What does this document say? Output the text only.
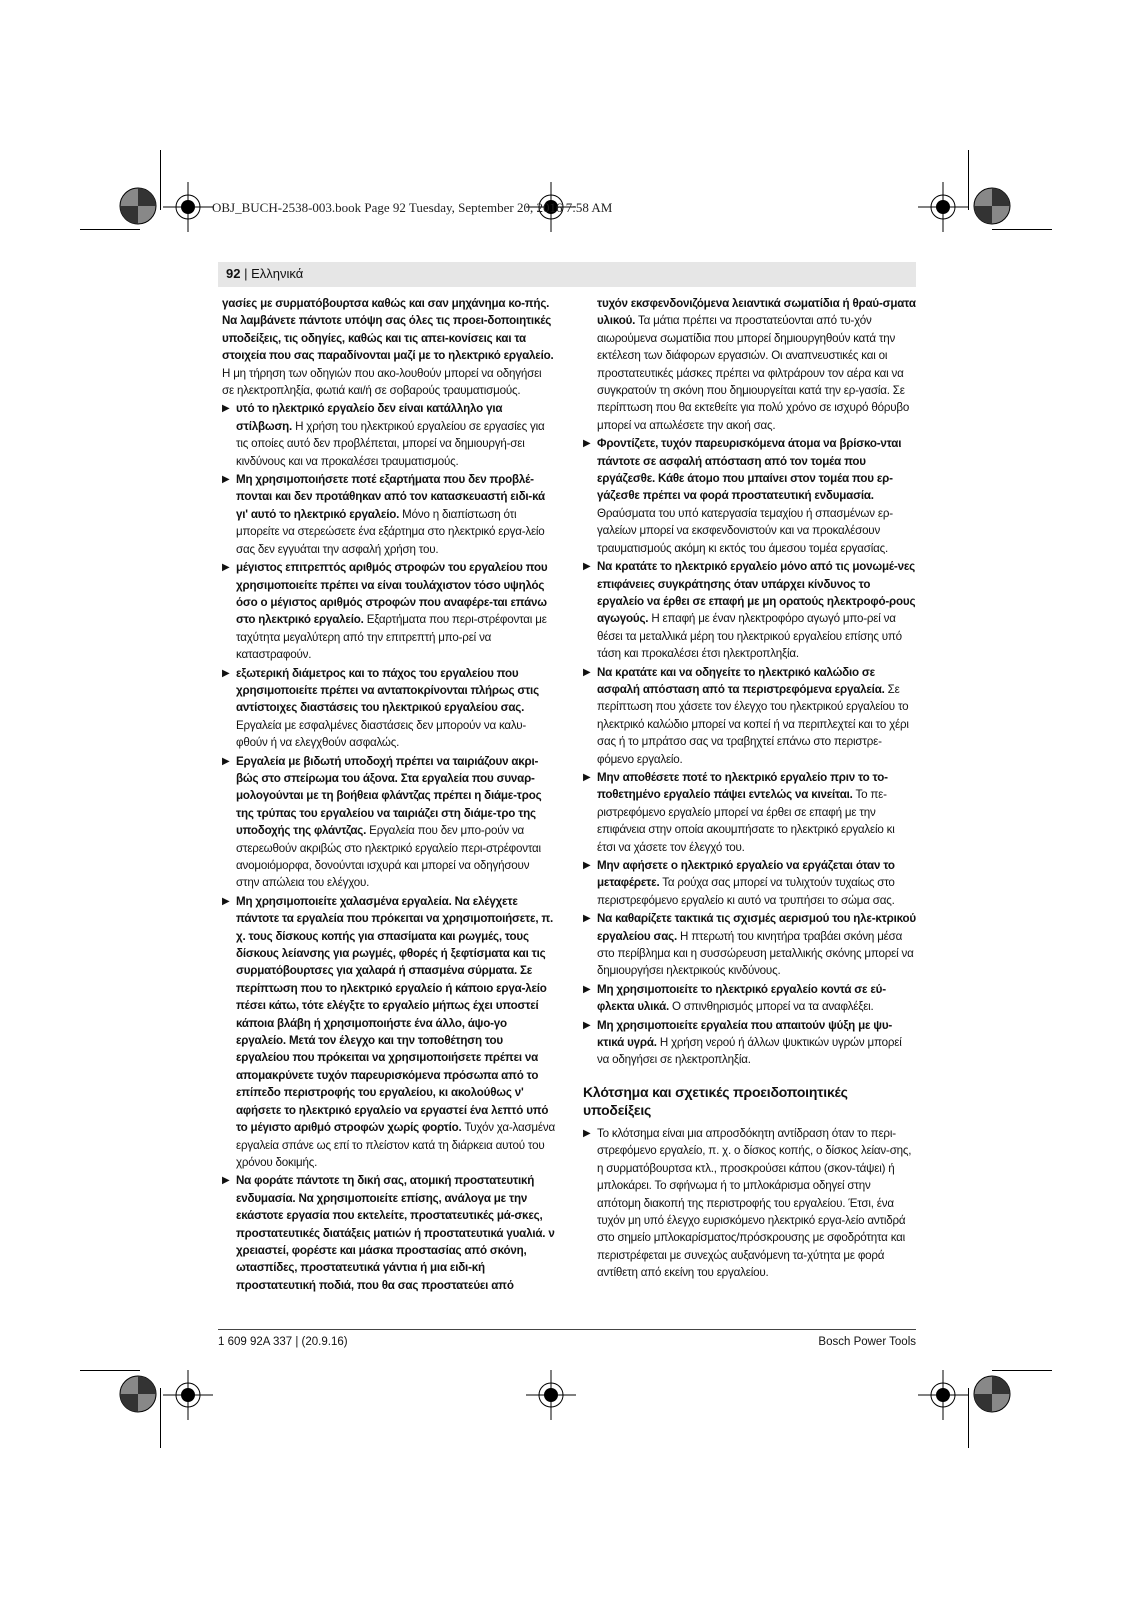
OBJ_BUCH-2538-003.book Page 92 Tuesday, September 20, 2016 7:58 AM
92 | Ελληνικά

γασίες με συρματόβουρτσα καθώς και σαν μηχάνημα κο-πής. Να λαμβάνετε πάντοτε υπόψη σας όλες τις προει-δοποιητικές υποδείξεις, τις οδηγίες, καθώς και τις απει-κονίσεις και τα στοιχεία που σας παραδίνονται μαζί με το ηλεκτρικό εργαλείο. Η μη τήρηση των οδηγιών που ακο-λουθούν μπορεί να οδηγήσει σε ηλεκτροπληξία, φωτιά και/ή σε σοβαρούς τραυματισμούς.

▶ υτό το ηλεκτρικό εργαλείο δεν είναι κατάλληλο για στίλβωση. Η χρήση του ηλεκτρικού εργαλείου σε εργασίες για τις οποίες αυτό δεν προβλέπεται, μπορεί να δημιουργή-σει κινδύνους και να προκαλέσει τραυματισμούς.
▶ Μη χρησιμοποιήσετε ποτέ εξαρτήματα που δεν προβλέ-πονται και δεν προτάθηκαν από τον κατασκευαστή ειδι-κά γι' αυτό το ηλεκτρικό εργαλείο. Μόνο η διαπίστωση ότι μπορείτε να στερεώσετε ένα εξάρτημα στο ηλεκτρικό εργα-λείο σας δεν εγγυάται την ασφαλή χρήση του.
▶ μέγιστος επιτρεπτός αριθμός στροφών του εργαλείου που χρησιμοποιείτε πρέπει να είναι τουλάχιστον τόσο υψηλός όσο ο μέγιστος αριθμός στροφών που αναφέρε-ται επάνω στο ηλεκτρικό εργαλείο. Εξαρτήματα που περι-στρέφονται με ταχύτητα μεγαλύτερη από την επιτρεπτή μπο-ρεί να καταστραφούν.
▶ εξωτερική διάμετρος και το πάχος του εργαλείου που χρησιμοποιείτε πρέπει να ανταποκρίνονται πλήρως στις αντίστοιχες διαστάσεις του ηλεκτρικού εργαλείου σας. Εργαλεία με εσφαλμένες διαστάσεις δεν μπορούν να καλυ-φθούν ή να ελεγχθούν ασφαλώς.
▶ Εργαλεία με βιδωτή υποδοχή πρέπει να ταιριάζουν ακρι-βώς στο σπείρωμα του άξονα. Στα εργαλεία που συναρ-μολογούνται με τη βοήθεια φλάντζας πρέπει η διάμε-τρος της τρύπας του εργαλείου να ταιριάζει στη διάμε-τρο της υποδοχής της φλάντζας. Εργαλεία που δεν μπο-ρούν να στερεωθούν ακριβώς στο ηλεκτρικό εργαλείο περι-στρέφονται ανομοιόμορφα, δονούνται ισχυρά και μπορεί να οδηγήσουν στην απώλεια του ελέγχου.
▶ Μη χρησιμοποιείτε χαλασμένα εργαλεία. Να ελέγχετε πάντοτε τα εργαλεία που πρόκειται να χρησιμοποιήσετε, π. χ. τους δίσκους κοπής για σπασίματα και ρωγμές, τους δίσκους λείανσης για ρωγμές, φθορές ή ξεφτίσματα και τις συρματόβουρτσες για χαλαρά ή σπασμένα σύρματα. Σε περίπτωση που το ηλεκτρικό εργαλείο ή κάποιο εργα-λείο πέσει κάτω, τότε ελέγξτε το εργαλείο μήπως έχει υποστεί κάποια βλάβη ή χρησιμοποιήστε ένα άλλο, άψο-γο εργαλείο. Μετά τον έλεγχο και την τοποθέτηση του εργαλείου που πρόκειται να χρησιμοποιήσετε πρέπει να απομακρύνετε τυχόν παρευρισκόμενα πρόσωπα από το επίπεδο περιστροφής του εργαλείου, κι ακολούθως ν' αφήσετε το ηλεκτρικό εργαλείο να εργαστεί ένα λεπτό υπό το μέγιστο αριθμό στροφών χωρίς φορτίο. Τυχόν χα-λασμένα εργαλεία σπάνε ως επί το πλείστον κατά τη διάρκεια αυτού του χρόνου δοκιμής.
▶ Να φοράτε πάντοτε τη δική σας, ατομική προστατευτική ενδυμασία. Να χρησιμοποιείτε επίσης, ανάλογα με την εκάστοτε εργασία που εκτελείτε, προστατευτικές μά-σκες, προστατευτικές διατάξεις ματιών ή προστατευτικά γυαλιά. ν χρειαστεί, φορέστε και μάσκα προστασίας από σκόνη, ωτασπίδες, προστατευτικά γάντια ή μια ειδι-κή προστατευτική ποδιά, που θα σας προστατεύει από

τυχόν εκσφενδονιζόμενα λειαντικά σωματίδια ή θραύ-σματα υλικού. Τα μάτια πρέπει να προστατεύονται από τυ-χόν αιωρούμενα σωματίδια που μπορεί δημιουργηθούν κατά την εκτέλεση των διάφορων εργασιών. Οι αναπνευστικές και οι προστατευτικές μάσκες πρέπει να φιλτράρουν τον αέρα και να συγκρατούν τη σκόνη που δημιουργείται κατά την ερ-γασία. Σε περίπτωση που θα εκτεθείτε για πολύ χρόνο σε ισχυρό θόρυβο μπορεί να απωλέσετε την ακοή σας.

▶ Φροντίζετε, τυχόν παρευρισκόμενα άτομα να βρίσκο-νται πάντοτε σε ασφαλή απόσταση από τον τομέα που εργάζεσθε. Κάθε άτομο που μπαίνει στον τομέα που ερ-γάζεσθε πρέπει να φορά προστατευτική ενδυμασία. Θραύσματα του υπό κατεργασία τεμαχίου ή σπασμένων ερ-γαλείων μπορεί να εκσφενδονιστούν και να προκαλέσουν τραυματισμούς ακόμη κι εκτός του άμεσου τομέα εργασίας.
▶ Να κρατάτε το ηλεκτρικό εργαλείο μόνο από τις μονωμέ-νες επιφάνειες συγκράτησης όταν υπάρχει κίνδυνος το εργαλείο να έρθει σε επαφή με μη ορατούς ηλεκτροφό-ρους αγωγούς. Η επαφή με έναν ηλεκτροφόρο αγωγό μπο-ρεί να θέσει τα μεταλλικά μέρη του ηλεκτρικού εργαλείου επίσης υπό τάση και προκαλέσει έτσι ηλεκτροπληξία.
▶ Να κρατάτε και να οδηγείτε το ηλεκτρικό καλώδιο σε ασφαλή απόσταση από τα περιστρεφόμενα εργαλεία. Σε περίπτωση που χάσετε τον έλεγχο του ηλεκτρικού εργαλείου το ηλεκτρικό καλώδιο μπορεί να κοπεί ή να περιπλεχτεί και το χέρι σας ή το μπράτσο σας να τραβηχτεί επάνω στο περιστρε-φόμενο εργαλείο.
▶ Μην αποθέσετε ποτέ το ηλεκτρικό εργαλείο πριν το το-ποθετημένο εργαλείο πάψει εντελώς να κινείται. Το πε-ριστρεφόμενο εργαλείο μπορεί να έρθει σε επαφή με την επιφάνεια στην οποία ακουμπήσατε το ηλεκτρικό εργαλείο κι έτσι να χάσετε τον έλεγχό του.
▶ Μην αφήσετε ο ηλεκτρικό εργαλείο να εργάζεται όταν το μεταφέρετε. Τα ρούχα σας μπορεί να τυλιχτούν τυχαίως στο περιστρεφόμενο εργαλείο κι αυτό να τρυπήσει το σώμα σας.
▶ Να καθαρίζετε τακτικά τις σχισμές αερισμού του ηλε-κτρικού εργαλείου σας. Η πτερωτή του κινητήρα τραβάει σκόνη μέσα στο περίβλημα και η συσσώρευση μεταλλικής σκόνης μπορεί να δημιουργήσει ηλεκτρικούς κινδύνους.
▶ Μη χρησιμοποιείτε το ηλεκτρικό εργαλείο κοντά σε εύ-φλεκτα υλικά. Ο σπινθηρισμός μπορεί να τα αναφλέξει.
▶ Μη χρησιμοποιείτε εργαλεία που απαιτούν ψύξη με ψυ-κτικά υγρά. Η χρήση νερού ή άλλων ψυκτικών υγρών μπορεί να οδηγήσει σε ηλεκτροπληξία.
Κλότσημα και σχετικές προειδοποιητικές υποδείξεις
▶ Το κλότσημα είναι μια απροσδόκητη αντίδραση όταν το περι-στρεφόμενο εργαλείο, π. χ. ο δίσκος κοπής, ο δίσκος λείαν-σης, η συρματόβουρτσα κτλ., προσκρούσει κάπου (σκον-τάψει) ή μπλοκάρει. Το σφήνωμα ή το μπλοκάρισμα οδηγεί στην απότομη διακοπή της περιστροφής του εργαλείου. Έτσι, ένα τυχόν μη υπό έλεγχο ευρισκόμενο ηλεκτρικό εργα-λείο αντιδρά στο σημείο μπλοκαρίσματος/πρόσκρουσης με σφοδρότητα και περιστρέφεται με συνεχώς αυξανόμενη τα-χύτητα με φορά αντίθετη από εκείνη του εργαλείου.
1 609 92A 337 | (20.9.16)	Bosch Power Tools
